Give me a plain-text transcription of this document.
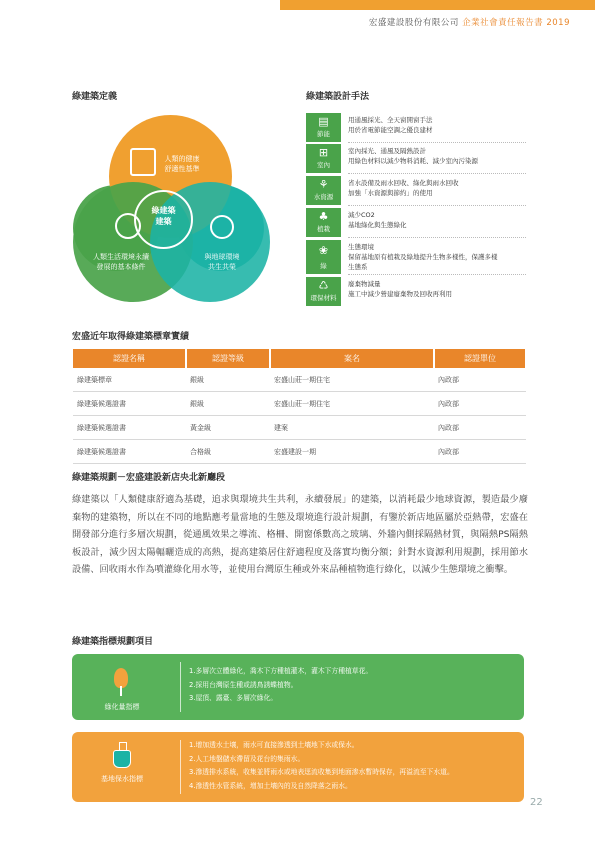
宏盛建設股份有限公司 企業社會責任報告書 2019
綠建築定義
綠建築
建築
人類的健康
舒適性基準
人類生活環境永續
發展的基本條件
與地球環境
共生共榮
綠建築設計手法
▤
節能
用通風採光、全天窗開窗手法
用於省電節能空調之優良建材
⊞
室內
室內採光、通風及隔熱設計
用綠色材料以減少物料消耗、減少室內污染源
⚘
水資源
省水設備及雨水回收、綠化與雨水回收
加強「水資源與節約」的使用
♣
植栽
減少CO2
基地綠化與生態綠化
❀
綠
生態環境
保留基地原有植栽及綠地提升生物多樣性，保護多樣
生態系
♺
環保材料
廢棄物減量
施工中減少營建廢棄物及回收再利用
宏盛近年取得綠建築標章實績
認證名稱	認證等級	案名	認證單位
綠建築標章	銀級	宏盛山莊一期住宅	內政部
綠建築候選證書	銀級	宏盛山莊一期住宅	內政部
綠建築候選證書	黃金級	建案	內政部
綠建築候選證書	合格級	宏盛建設一期	內政部
綠建築規劃－宏盛建設新店央北新廳段
綠建築以「人類健康舒適為基礎，追求與環境共生共利，永續發展」的建築，以消耗最少地球資源，製造最少廢棄物的建築物，所以在不同的地點應考量當地的生態及環境進行設計規劃，有鑒於新店地區屬於亞熱帶，宏盛在開發部分進行多層次規劃，從通風效果之導流、格柵、開窗係數高之玻璃、外牆內側採隔熱材質，與隔熱PS隔熱板設計，減少因太陽輻曬造成的高熱，提高建築居住舒適程度及落實均衡分額；針對水資源利用規劃，採用節水設備、回收雨水作為噴灌綠化用水等，並使用台灣原生種或外來品種植物進行綠化，以減少生態環境之衝擊。
綠建築指標規劃項目
綠化量指標
1.多層次立體綠化，喬木下方種植灌木，灌木下方種植草花。
2.採用台灣原生種或誘鳥誘蝶植物。
3.屋頂、露臺、多層次綠化。
基地保水指標
1.增加透水土壤，雨水可直接滲透到土壤地下水或保水。
2.人工地盤儲水滯留及花台的集雨水。
3.滲透排水系統，收集並將雨水或地表逕流收集到地面渗水暫時保存，再溢流至下水道。
4.滲透性水管系統，增加土壤內的及自然降落之雨水。
22
